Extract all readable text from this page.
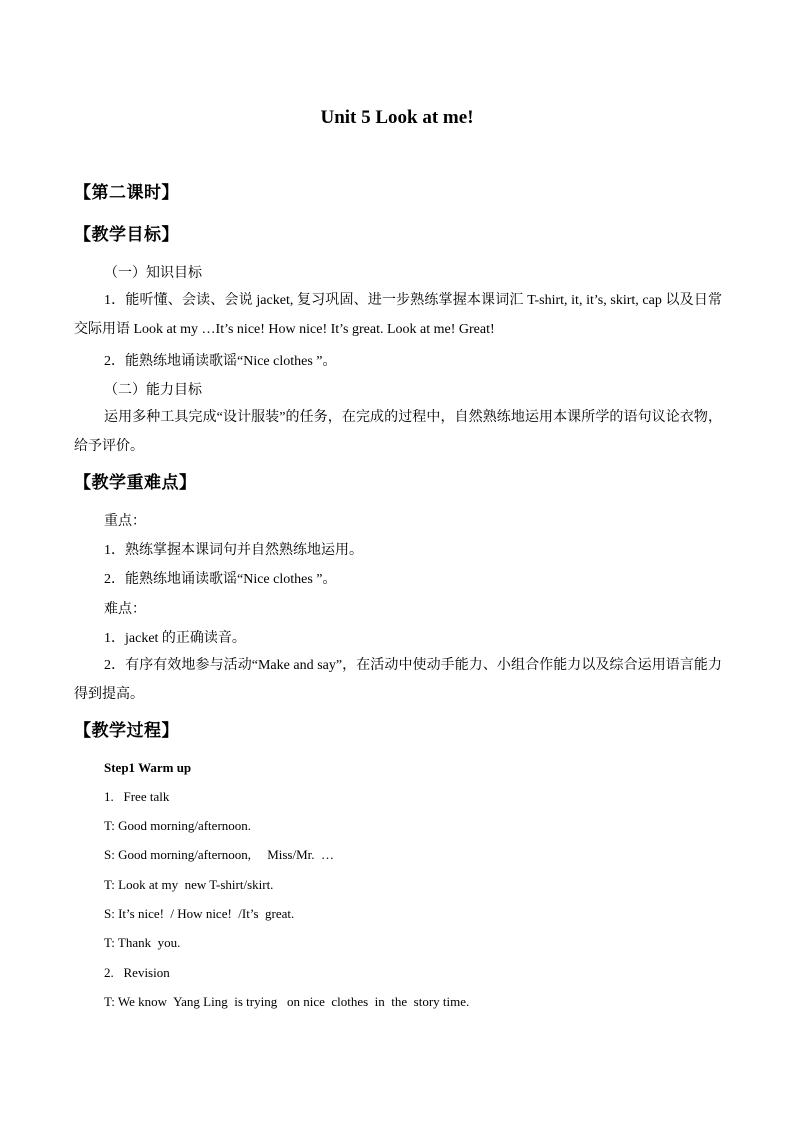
Unit 5 Look at me!
【第二课时】
【教学目标】
（一）知识目标
1．能听懂、会读、会说 jacket, 复习巩固、进一步熟练掌握本课词汇 T-shirt, it, it’s, skirt, cap 以及日常交际用语 Look at my …It’s nice! How nice! It’s great. Look at me! Great!
2．能熟练地诵读歌谣“Nice clothes ”。
（二）能力目标
运用多种工具完成“设计服装”的任务，在完成的过程中，自然熟练地运用本课所学的语句议论衣物，给予评价。
【教学重难点】
重点：
1．熟练掌握本课词句并自然熟练地运用。
2．能熟练地诵读歌谣“Nice clothes ”。
难点：
1．jacket 的正确读音。
2．有序有效地参与活动“Make and say”，在活动中使动手能力、小组合作能力以及综合运用语言能力得到提高。
【教学过程】
Step1 Warm up
1.   Free talk
T: Good morning/afternoon.
S: Good morning/afternoon,     Miss/Mr.  …
T: Look at my  new T-shirt/skirt.
S: It’s nice!  / How nice!  /It’s  great.
T: Thank  you.
2.   Revision
T: We know  Yang Ling  is trying   on nice  clothes  in  the  story time.
